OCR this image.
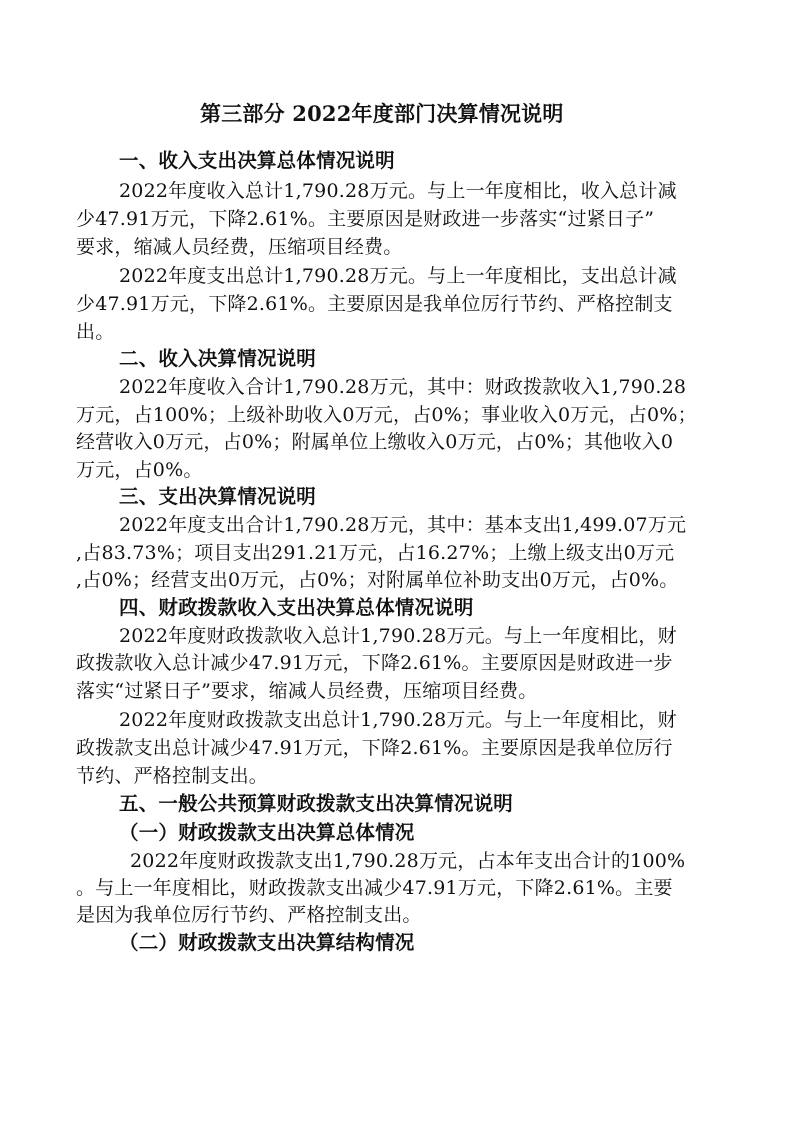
第三部分 2022年度部门决算情况说明
一、收入支出决算总体情况说明
2022年度收入总计1,790.28万元。与上一年度相比，收入总计减
少47.91万元，下降2.61%。主要原因是财政进一步落实“过紧日子”
要求，缩减人员经费，压缩项目经费。
2022年度支出总计1,790.28万元。与上一年度相比，支出总计减
少47.91万元，下降2.61%。主要原因是我单位厉行节约、严格控制支
出。
二、收入决算情况说明
2022年度收入合计1,790.28万元，其中：财政拨款收入1,790.28
万元，占100%；上级补助收入0万元，占0%；事业收入0万元，占0%；
经营收入0万元，占0%；附属单位上缴收入0万元，占0%；其他收入0
万元，占0%。
三、支出决算情况说明
2022年度支出合计1,790.28万元，其中：基本支出1,499.07万元
,占83.73%；项目支出291.21万元，占16.27%；上缴上级支出0万元
,占0%；经营支出0万元，占0%；对附属单位补助支出0万元，占0%。
四、财政拨款收入支出决算总体情况说明
2022年度财政拨款收入总计1,790.28万元。与上一年度相比，财
政拨款收入总计减少47.91万元，下降2.61%。主要原因是财政进一步
落实“过紧日子”要求，缩减人员经费，压缩项目经费。
2022年度财政拨款支出总计1,790.28万元。与上一年度相比，财
政拨款支出总计减少47.91万元，下降2.61%。主要原因是我单位厉行
节约、严格控制支出。
五、一般公共预算财政拨款支出决算情况说明
（一）财政拨款支出决算总体情况
2022年度财政拨款支出1,790.28万元，占本年支出合计的100%
。与上一年度相比，财政拨款支出减少47.91万元，下降2.61%。主要
是因为我单位厉行节约、严格控制支出。
（二）财政拨款支出决算结构情况
